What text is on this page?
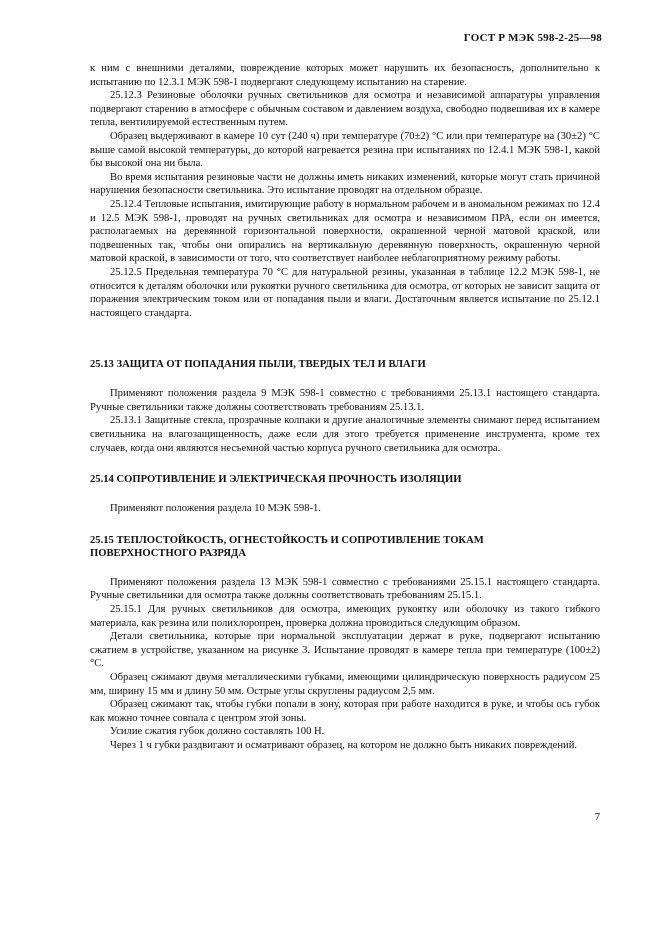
ГОСТ Р МЭК 598-2-25—98

к ним с внешними деталями, повреждение которых может нарушить их безопасность, дополнительно к испытанию по 12.3.1 МЭК 598-1 подвергают следующему испытанию на старение.

25.12.3 Резиновые оболочки ручных светильников для осмотра и независимой аппаратуры управления подвергают старению в атмосфере с обычным составом и давлением воздуха, свободно подвешивая их в камере тепла, вентилируемой естественным путем.

Образец выдерживают в камере 10 сут (240 ч) при температуре (70±2) °С или при температуре на (30±2) °С выше самой высокой температуры, до которой нагревается резина при испытаниях по 12.4.1 МЭК 598-1, какой бы высокой она ни была.

Во время испытания резиновые части не должны иметь никаких изменений, которые могут стать причиной нарушения безопасности светильника. Это испытание проводят на отдельном образце.

25.12.4 Тепловые испытания, имитирующие работу в нормальном рабочем и в аномальном режимах по 12.4 и 12.5 МЭК 598-1, проводят на ручных светильниках для осмотра и независимом ПРА, если он имеется, располагаемых на деревянной горизонтальной поверхности, окрашенной черной матовой краской, или подвешенных так, чтобы они опирались на вертикальную деревянную поверхность, окрашенную черной матовой краской, в зависимости от того, что соответствует наиболее неблагоприятному режиму работы.

25.12.5 Предельная температура 70 °С для натуральной резины, указанная в таблице 12.2 МЭК 598-1, не относится к деталям оболочки или рукоятки ручного светильника для осмотра, от которых не зависит защита от поражения электрическим током или от попадания пыли и влаги. Достаточным является испытание по 25.12.1 настоящего стандарта.

25.13 ЗАЩИТА ОТ ПОПАДАНИЯ ПЫЛИ, ТВЕРДЫХ ТЕЛ И ВЛАГИ

Применяют положения раздела 9 МЭК 598-1 совместно с требованиями 25.13.1 настоящего стандарта. Ручные светильники также должны соответствовать требованиям 25.13.1.

25.13.1 Защитные стекла, прозрачные колпаки и другие аналогичные элементы снимают перед испытанием светильника на влагозащищенность, даже если для этого требуется применение инструмента, кроме тех случаев, когда они являются несъемной частью корпуса ручного светильника для осмотра.

25.14 СОПРОТИВЛЕНИЕ И ЭЛЕКТРИЧЕСКАЯ ПРОЧНОСТЬ ИЗОЛЯЦИИ

Применяют положения раздела 10 МЭК 598-1.

25.15 ТЕПЛОСТОЙКОСТЬ, ОГНЕСТОЙКОСТЬ И СОПРОТИВЛЕНИЕ ТОКАМ
ПОВЕРХНОСТНОГО РАЗРЯДА

Применяют положения раздела 13 МЭК 598-1 совместно с требованиями 25.15.1 настоящего стандарта. Ручные светильники для осмотра также должны соответствовать требованиям 25.15.1.

25.15.1 Для ручных светильников для осмотра, имеющих рукоятку или оболочку из такого гибкого материала, как резина или полихлоропрен, проверка должна проводиться следующим образом.

Детали светильника, которые при нормальной эксплуатации держат в руке, подвергают испытанию сжатием в устройстве, указанном на рисунке 3. Испытание проводят в камере тепла при температуре (100±2) °С.

Образец сжимают двумя металлическими губками, имеющими цилиндрическую поверхность радиусом 25 мм, ширину 15 мм и длину 50 мм. Острые углы скруглены радиусом 2,5 мм.

Образец сжимают так, чтобы губки попали в зону, которая при работе находится в руке, и чтобы ось губок как можно точнее совпала с центром этой зоны.

Усилие сжатия губок должно составлять 100 Н.

Через 1 ч губки раздвигают и осматривают образец, на котором не должно быть никаких повреждений.

7
